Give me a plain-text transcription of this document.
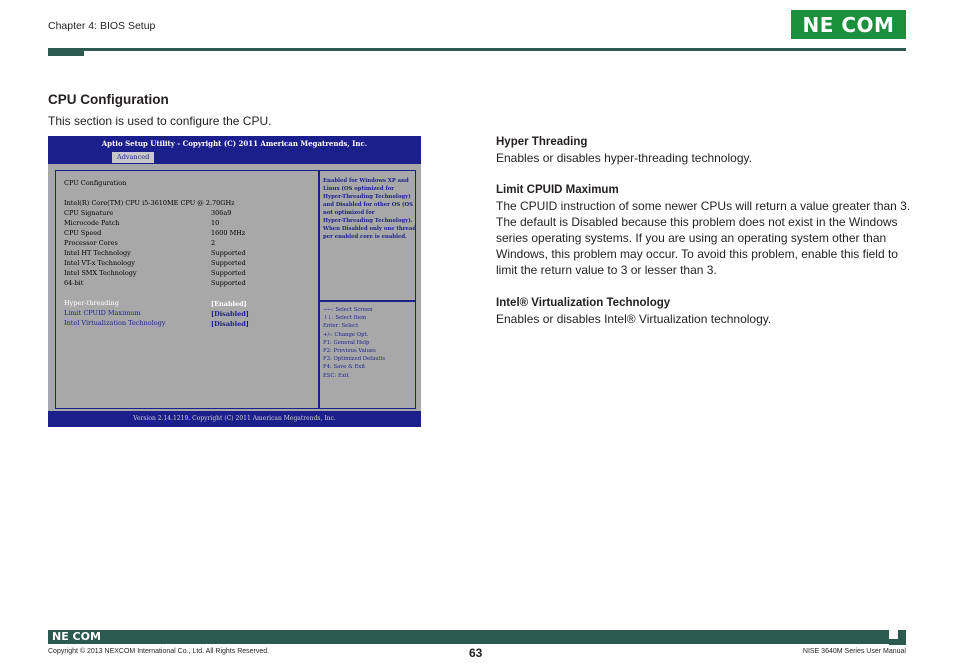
Chapter 4: BIOS Setup	NE COM
CPU Configuration
This section is used to configure the CPU.
Aptio Setup Utility - Copyright (C) 2011 American Megatrends, Inc.
Advanced
CPU Configuration
Intel(R) Core(TM) CPU i5-3610ME CPU @ 2.70GHz
CPU Signature	306a9
Microcode Patch	10
CPU Speed	1600 MHz
Processor Cores	2
Intel HT Technology	Supported
Intel VT-x Technology	Supported
Intel SMX Technology	Supported
64-bit	Supported
Hyper-threading	[Enabled]
Limit CPUID Maximum	[Disabled]
Intel Virtualization Technology	[Disabled]
Enabled for Windows XP and
Linux (OS optimized for
Hyper-Threading Technology)
and Disabled for other OS (OS
not optimized for
Hyper-Threading Technology).
When Disabled only one thread
per enabled core is enabled.
→←: Select Screen
↑↓: Select Item
Enter: Select
+/-: Change Opt.
F1: General Help
F2: Previous Values
F3: Optimized Defaults
F4: Save & Exit
ESC: Exit
Version 2.14.1219. Copyright (C) 2011 American Megatrends, Inc.
Hyper Threading
Enables or disables hyper-threading technology.
Limit CPUID Maximum
The CPUID instruction of some newer CPUs will return a value greater than 3. The default is Disabled because this problem does not exist in the Windows series operating systems. If you are using an operating system other than Windows, this problem may occur. To avoid this problem, enable this field to limit the return value to 3 or lesser than 3.
Intel® Virtualization Technology
Enables or disables Intel® Virtualization technology.
NE COM
Copyright © 2013 NEXCOM International Co., Ltd. All Rights Reserved.	63	NISE 3640M Series User Manual
